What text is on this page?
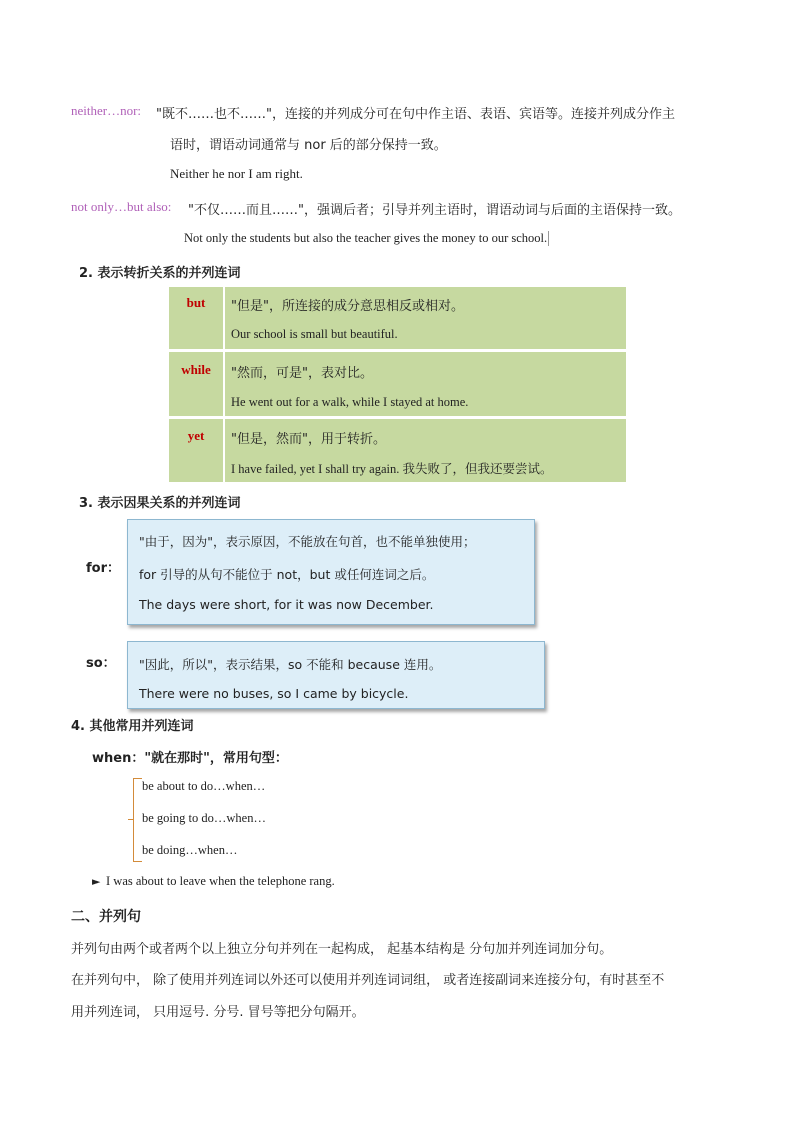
neither…nor: "既不……也不……"，连接的并列成分可在句中作主语、表语、宾语等。连接并列成分作主
语时，谓语动词通常与 nor 后的部分保持一致。
Neither he nor I am right.
not only…but also: "不仅……而且……"，强调后者；引导并列主语时，谓语动词与后面的主语保持一致。
Not only the students but also the teacher gives the money to our school.
2. 表示转折关系的并列连词
but	"但是"，所连接的成分意思相反或相对。
Our school is small but beautiful.
while	"然而，可是"，表对比。
He went out for a walk, while I stayed at home.
yet	"但是，然而"，用于转折。
I have failed, yet I shall try again. 我失败了，但我还要尝试。
3. 表示因果关系的并列连词
for：
"由于，因为"，表示原因，不能放在句首，也不能单独使用；
for 引导的从句不能位于 not，but 或任何连词之后。
The days were short, for it was now December.
so： "因此，所以"，表示结果，so 不能和 because 连用。
There were no buses, so I came by bicycle.
4. 其他常用并列连词
when："就在那时"，常用句型：
be about to do…when…
be going to do…when…
be doing…when…
► I was about to leave when the telephone rang.
二、并列句
并列句由两个或者两个以上独立分句并列在一起构成， 起基本结构是 分句加并列连词加分句。
在并列句中， 除了使用并列连词以外还可以使用并列连词词组， 或者连接副词来连接分句，有时甚至不
用并列连词， 只用逗号. 分号. 冒号等把分句隔开。
